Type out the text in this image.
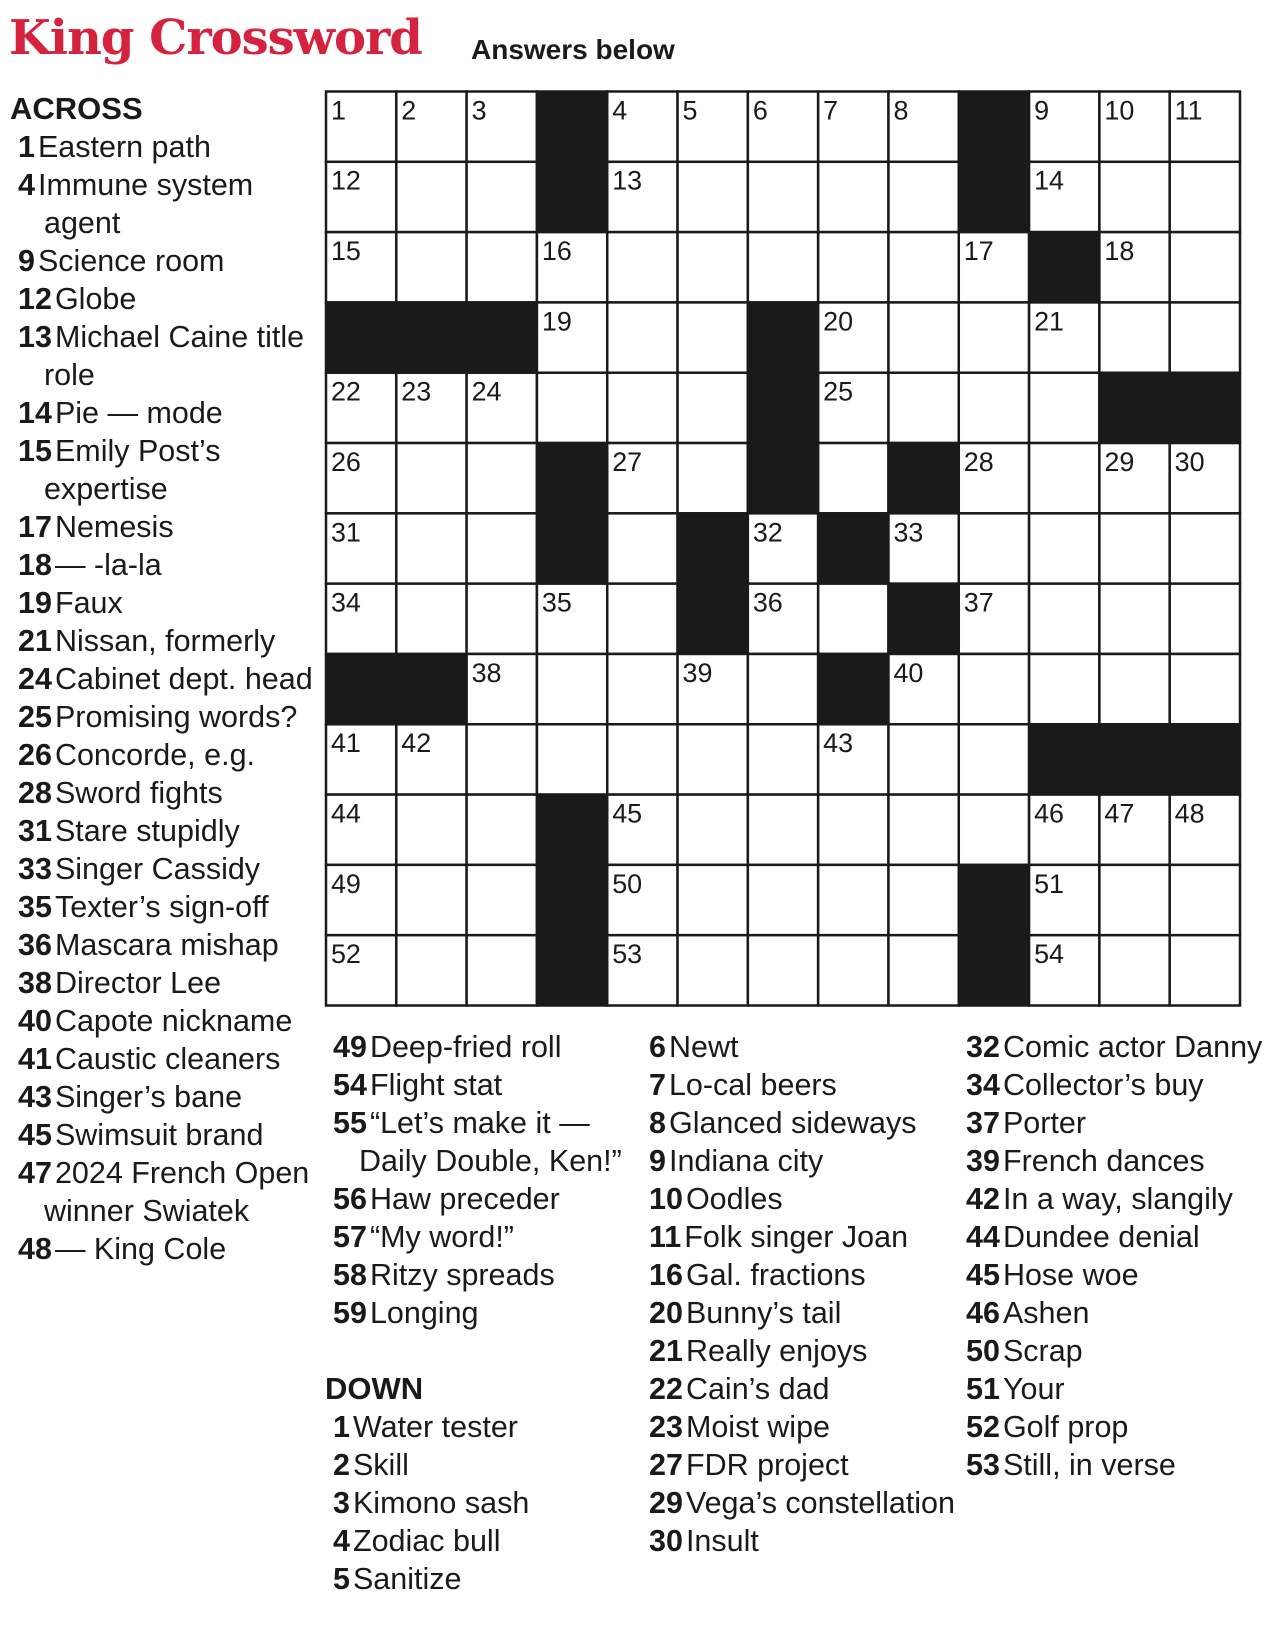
King Crossword Answers below
ACROSS
1Eastern path
4Immune system agent
9Science room
12Globe
13Michael Caine title role
14Pie — mode
15Emily Post’s expertise
17Nemesis
18— -la-la
19Faux
21Nissan, formerly
24Cabinet dept. head
25Promising words?
26Concorde, e.g.
28Sword fights
31Stare stupidly
33Singer Cassidy
35Texter’s sign-off
36Mascara mishap
38Director Lee
40Capote nickname
41Caustic cleaners
43Singer’s bane
45Swimsuit brand
472024 French Open winner Swiatek
48— King Cole
49Deep-fried roll
54Flight stat
55“Let’s make it — Daily Double, Ken!”
56Haw preceder
57“My word!”
58Ritzy spreads
59Longing
DOWN
1Water tester
2Skill
3Kimono sash
4Zodiac bull
5Sanitize
6Newt
7Lo-cal beers
8Glanced sideways
9Indiana city
10Oodles
11Folk singer Joan
16Gal. fractions
20Bunny’s tail
21Really enjoys
22Cain’s dad
23Moist wipe
27FDR project
29Vega’s constellation
30Insult
32Comic actor Danny
34Collector’s buy
37Porter
39French dances
42In a way, slangily
44Dundee denial
45Hose woe
46Ashen
50Scrap
51Your
52Golf prop
53Still, in verse
1 2 3	4 5 6 7 8	9 10 11
12	13	14
15	16	17	18
19	20	21
22 23 24	25
26	27	28	29 30
31	32	33
34	35	36	37
38	39	40
41 42	43
44	45	46 47 48
49	50	51
52	53	54
